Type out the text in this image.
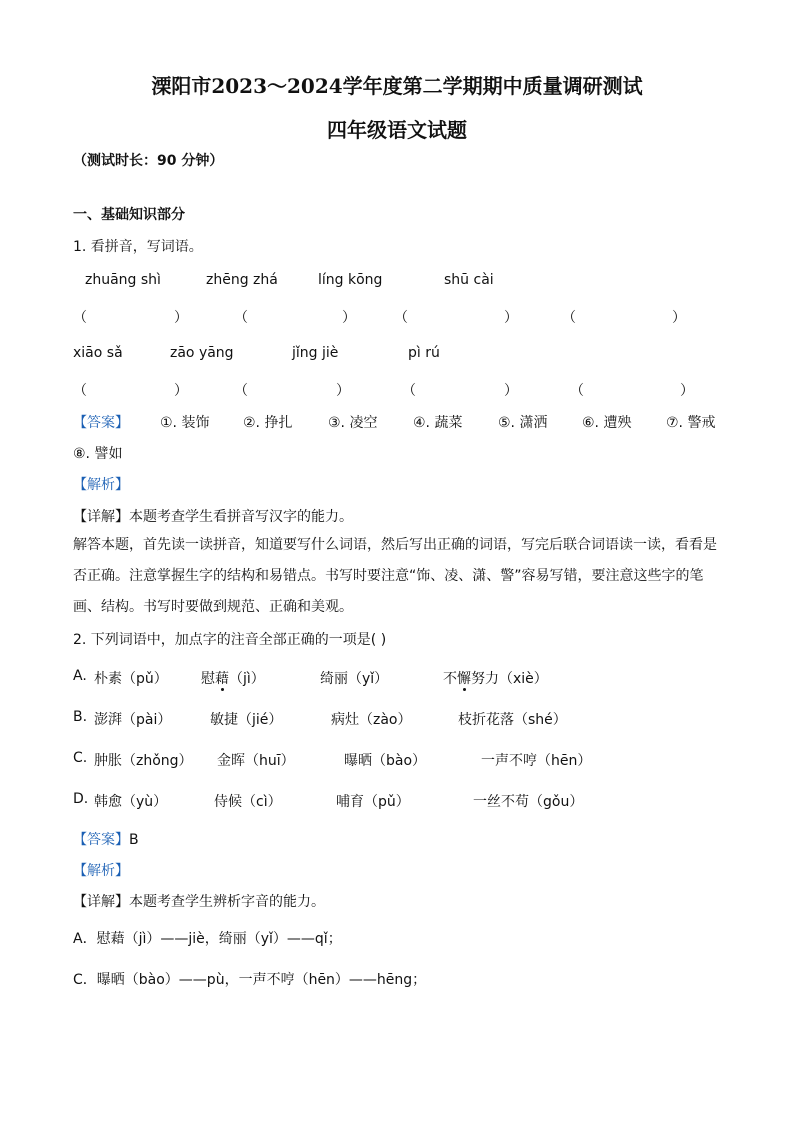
溧阳市2023～2024学年度第二学期期中质量调研测试
四年级语文试题
（测试时长：90 分钟）
一、基础知识部分
1. 看拼音，写词语。
zhuāng shì	zhēng zhá	líng kōng	shū cài
（	）	（	）	（	）	（	）
xiāo sǎ	zāo yāng	jǐng jiè	pì rú
（	）	（	）	（	）	（	）
【答案】 ①. 装饰 ②. 挣扎	③. 凌空	④. 蔬菜	⑤. 潇洒 ⑥. 遭殃 ⑦. 警戒
⑧. 譬如
【解析】
【详解】本题考查学生看拼音写汉字的能力。
解答本题，首先读一读拼音，知道要写什么词语，然后写出正确的词语，写完后联合词语读一读，看看是否正确。注意掌握生字的结构和易错点。书写时要注意“饰、凌、潇、警”容易写错，要注意这些字的笔画、结构。书写时要做到规范、正确和美观。
2. 下列词语中，加点字的注音全部正确的一项是( )
A. 朴素（pǔ） 慰藉（jì）	绮丽（yǐ）	不懈努力（xiè）
B. 澎湃（pài）	敏捷（jié）	病灶（zào）	枝折花落（shé）
C. 肿胀（zhǒng） 金晖（huī）	曝晒（bào）	一声不哼（hēn）
D. 韩愈（yù）	侍候（cì）	哺育（pǔ）	一丝不苟（gǒu）
【答案】B
【解析】
【详解】本题考查学生辨析字音的能力。
A．慰藉（jì）——jiè，绮丽（yǐ）——qǐ；
C．曝晒（bào）——pù，一声不哼（hēn）——hēng；
